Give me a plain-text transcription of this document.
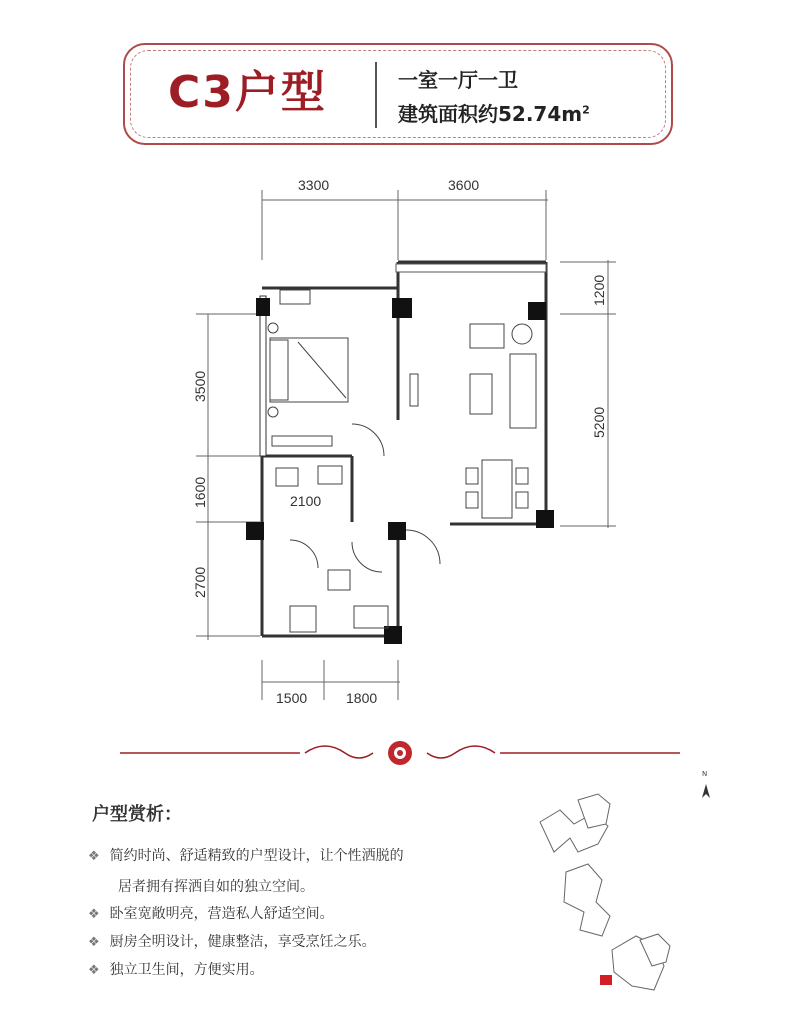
C3户型	一室一厅一卫
建筑面积约$52.74m^2$
3300	3600
1200
5200
3500
1600
2700
1500	1800
2100
N
户型赏析：
❖ 简约时尚、舒适精致的户型设计，让个性洒脱的
居者拥有挥洒自如的独立空间。
❖ 卧室宽敞明亮，营造私人舒适空间。
❖ 厨房全明设计，健康整洁，享受烹饪之乐。
❖ 独立卫生间，方便实用。
